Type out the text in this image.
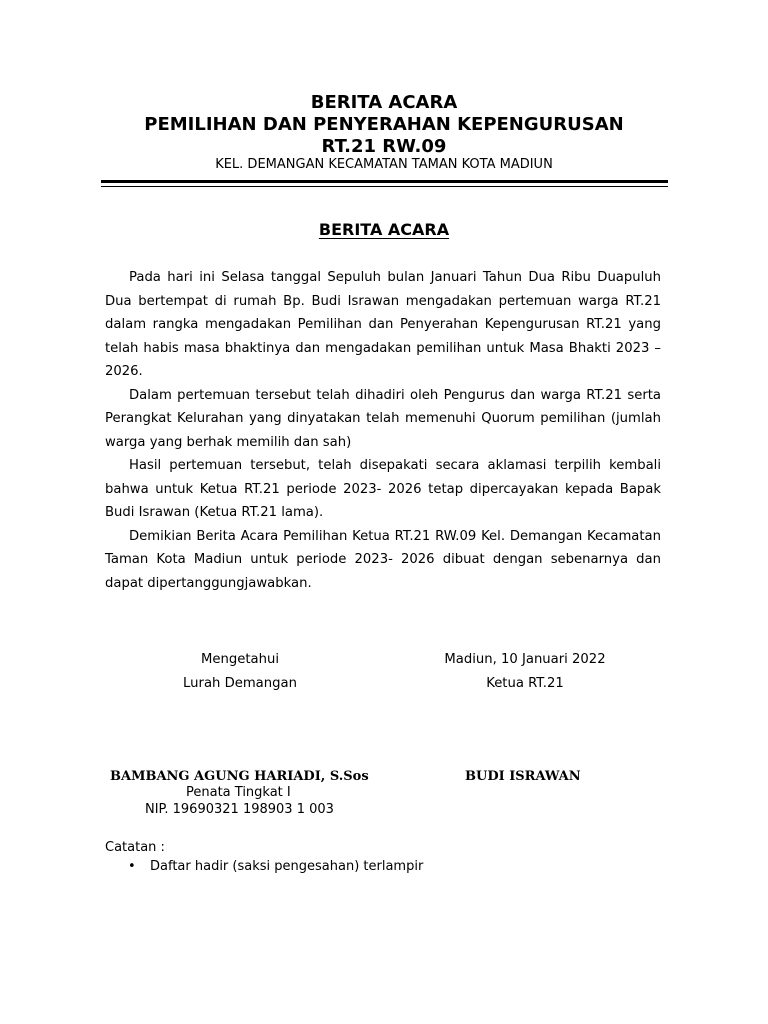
BERITA ACARA
PEMILIHAN DAN PENYERAHAN KEPENGURUSAN
RT.21 RW.09
KEL. DEMANGAN KECAMATAN TAMAN KOTA MADIUN
BERITA ACARA

Pada hari ini Selasa tanggal Sepuluh bulan Januari Tahun Dua Ribu Duapuluh Dua bertempat di rumah Bp. Budi Israwan mengadakan pertemuan warga RT.21 dalam rangka mengadakan Pemilihan dan Penyerahan Kepengurusan RT.21 yang telah habis masa bhaktinya dan mengadakan pemilihan untuk Masa Bhakti 2023 – 2026.

Dalam pertemuan tersebut telah dihadiri oleh Pengurus dan warga RT.21 serta Perangkat Kelurahan yang dinyatakan telah memenuhi Quorum pemilihan (jumlah warga yang berhak memilih dan sah)

Hasil pertemuan tersebut, telah disepakati secara aklamasi terpilih kembali bahwa untuk Ketua RT.21 periode 2023- 2026 tetap dipercayakan kepada Bapak Budi Israwan (Ketua RT.21 lama).

Demikian Berita Acara Pemilihan Ketua RT.21 RW.09 Kel. Demangan Kecamatan Taman Kota Madiun untuk periode 2023- 2026 dibuat dengan sebenarnya dan dapat dipertanggungjawabkan.

Mengetahui
Lurah Demangan
Madiun, 10 Januari 2022
Ketua RT.21
BAMBANG AGUNG HARIADI, S.Sos
Penata Tingkat I
NIP. 19690321 198903 1 003
BUDI ISRAWAN
Catatan :
• Daftar hadir (saksi pengesahan) terlampir
